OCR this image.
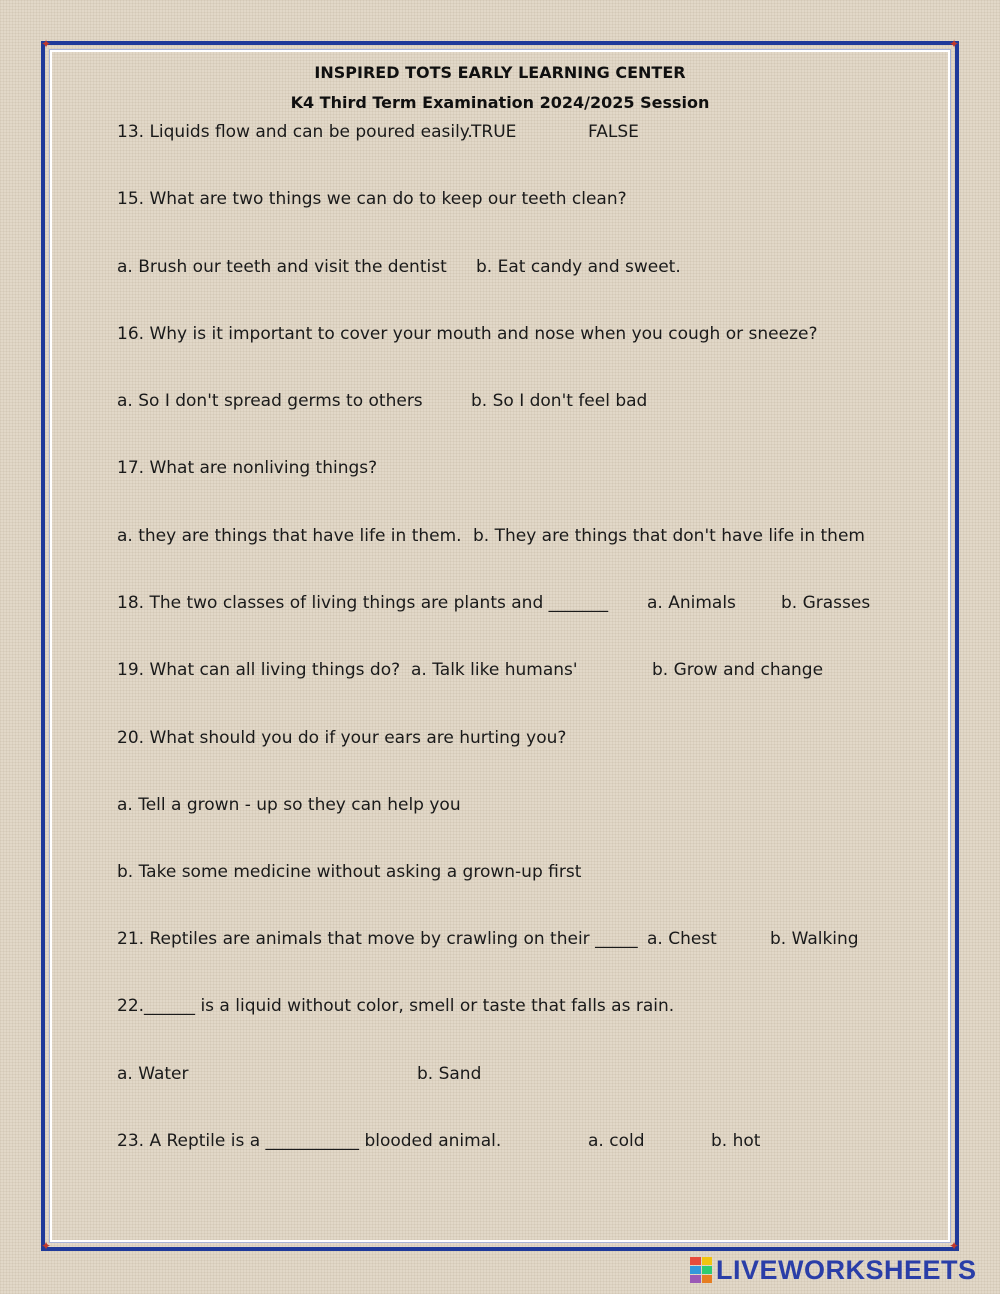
✦	✦
✦	✦
INSPIRED TOTS EARLY LEARNING CENTER
K4 Third Term Examination 2024/2025 Session
13. Liquids flow and can be poured easily.
TRUE	FALSE
15. What are two things we can do to keep our teeth clean?
a. Brush our teeth and visit the dentist b. Eat candy and sweet.
16. Why is it important to cover your mouth and nose when you cough or sneeze?
a. So I don't spread germs to others	b. So I don't feel bad
17. What are nonliving things?
a. they are things that have life in them. b. They are things that don't have life in them
18. The two classes of living things are plants and _______ a. Animals	b. Grasses
19. What can all living things do? a. Talk like humans'	b. Grow and change
20. What should you do if your ears are hurting you?
a. Tell a grown - up so they can help you
b. Take some medicine without asking a grown-up first
21. Reptiles are animals that move by crawling on their _____ a. Chest	b. Walking
22.______ is a liquid without color, smell or taste that falls as rain.
a. Water	b. Sand
23. A Reptile is a ___________ blooded animal.	a. cold	b. hot
LIVEWORKSHEETS
